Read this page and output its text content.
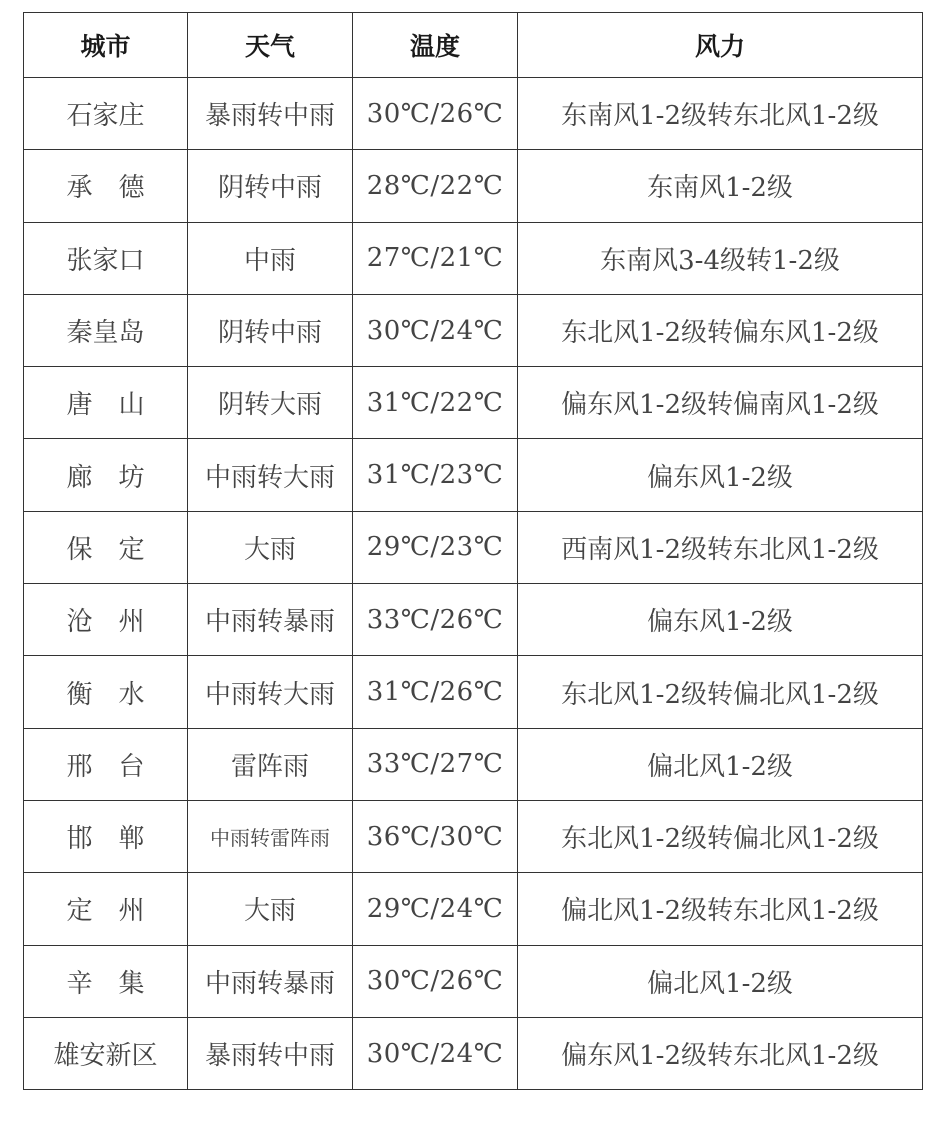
城市	天气	温度	风力
石家庄	暴雨转中雨	30℃/26℃	东南风1-2级转东北风1-2级
承　德	阴转中雨	28℃/22℃	东南风1-2级
张家口	中雨	27℃/21℃	东南风3-4级转1-2级
秦皇岛	阴转中雨	30℃/24℃	东北风1-2级转偏东风1-2级
唐　山	阴转大雨	31℃/22℃	偏东风1-2级转偏南风1-2级
廊　坊	中雨转大雨	31℃/23℃	偏东风1-2级
保　定	大雨	29℃/23℃	西南风1-2级转东北风1-2级
沧　州	中雨转暴雨	33℃/26℃	偏东风1-2级
衡　水	中雨转大雨	31℃/26℃	东北风1-2级转偏北风1-2级
邢　台	雷阵雨	33℃/27℃	偏北风1-2级
邯　郸	中雨转雷阵雨	36℃/30℃	东北风1-2级转偏北风1-2级
定　州	大雨	29℃/24℃	偏北风1-2级转东北风1-2级
辛　集	中雨转暴雨	30℃/26℃	偏北风1-2级
雄安新区	暴雨转中雨	30℃/24℃	偏东风1-2级转东北风1-2级
